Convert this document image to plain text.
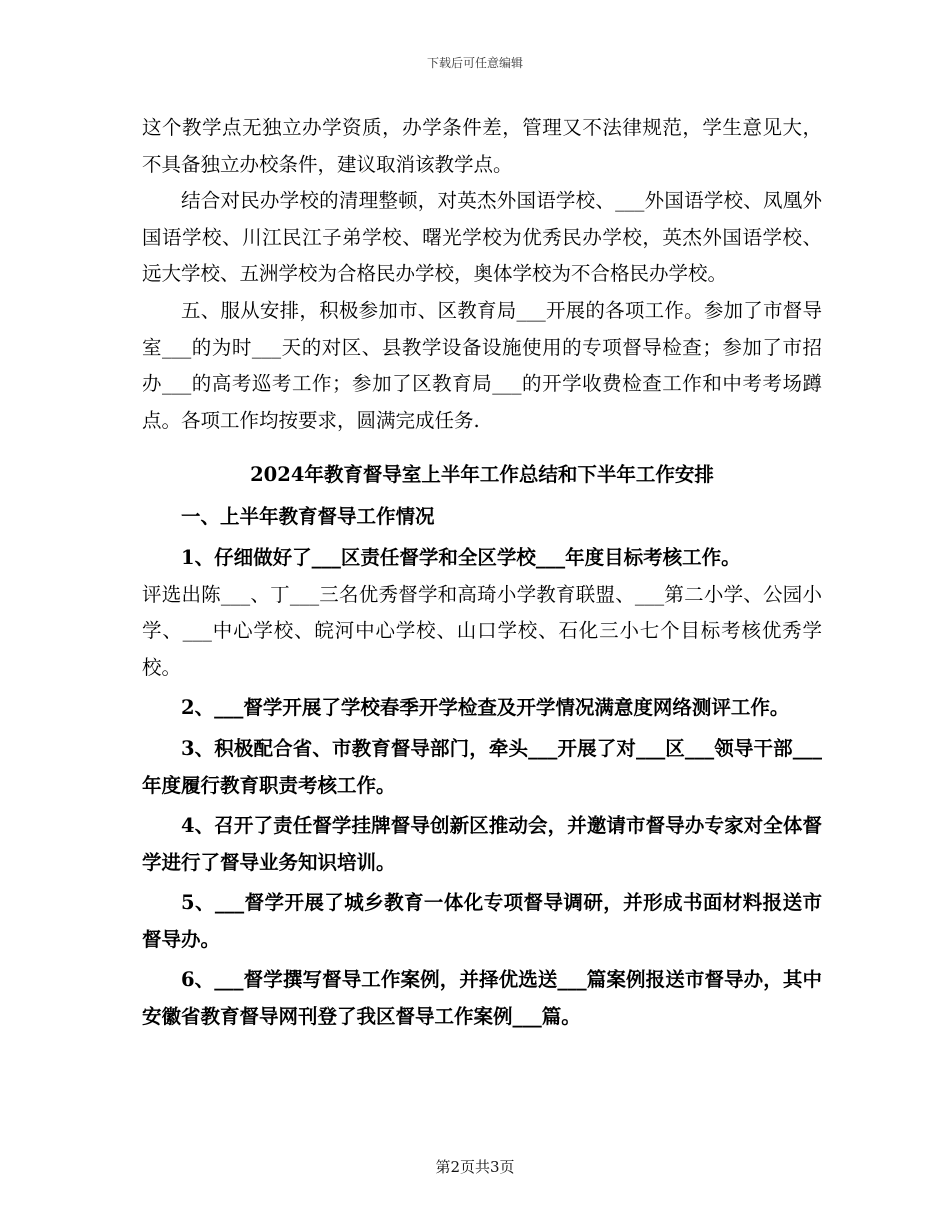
下载后可任意编辑

这个教学点无独立办学资质，办学条件差，管理又不法律规范，学生意见大，不具备独立办校条件，建议取消该教学点。

结合对民办学校的清理整顿，对英杰外国语学校、___外国语学校、凤凰外国语学校、川江民江子弟学校、曙光学校为优秀民办学校，英杰外国语学校、远大学校、五洲学校为合格民办学校，奥体学校为不合格民办学校。

五、服从安排，积极参加市、区教育局___开展的各项工作。参加了市督导室___的为时___天的对区、县教学设备设施使用的专项督导检查；参加了市招办___的高考巡考工作；参加了区教育局___的开学收费检查工作和中考考场蹲点。各项工作均按要求，圆满完成任务.

2024年教育督导室上半年工作总结和下半年工作安排

一、上半年教育督导工作情况

1、仔细做好了___区责任督学和全区学校___年度目标考核工作。

评选出陈___、丁___三名优秀督学和高琦小学教育联盟、___第二小学、公园小学、___中心学校、皖河中心学校、山口学校、石化三小七个目标考核优秀学校。

2、___督学开展了学校春季开学检查及开学情况满意度网络测评工作。

3、积极配合省、市教育督导部门，牵头___开展了对___区___领导干部___年度履行教育职责考核工作。

4、召开了责任督学挂牌督导创新区推动会，并邀请市督导办专家对全体督学进行了督导业务知识培训。

5、___督学开展了城乡教育一体化专项督导调研，并形成书面材料报送市督导办。

6、___督学撰写督导工作案例，并择优选送___篇案例报送市督导办，其中安徽省教育督导网刊登了我区督导工作案例___篇。

第2页共3页
